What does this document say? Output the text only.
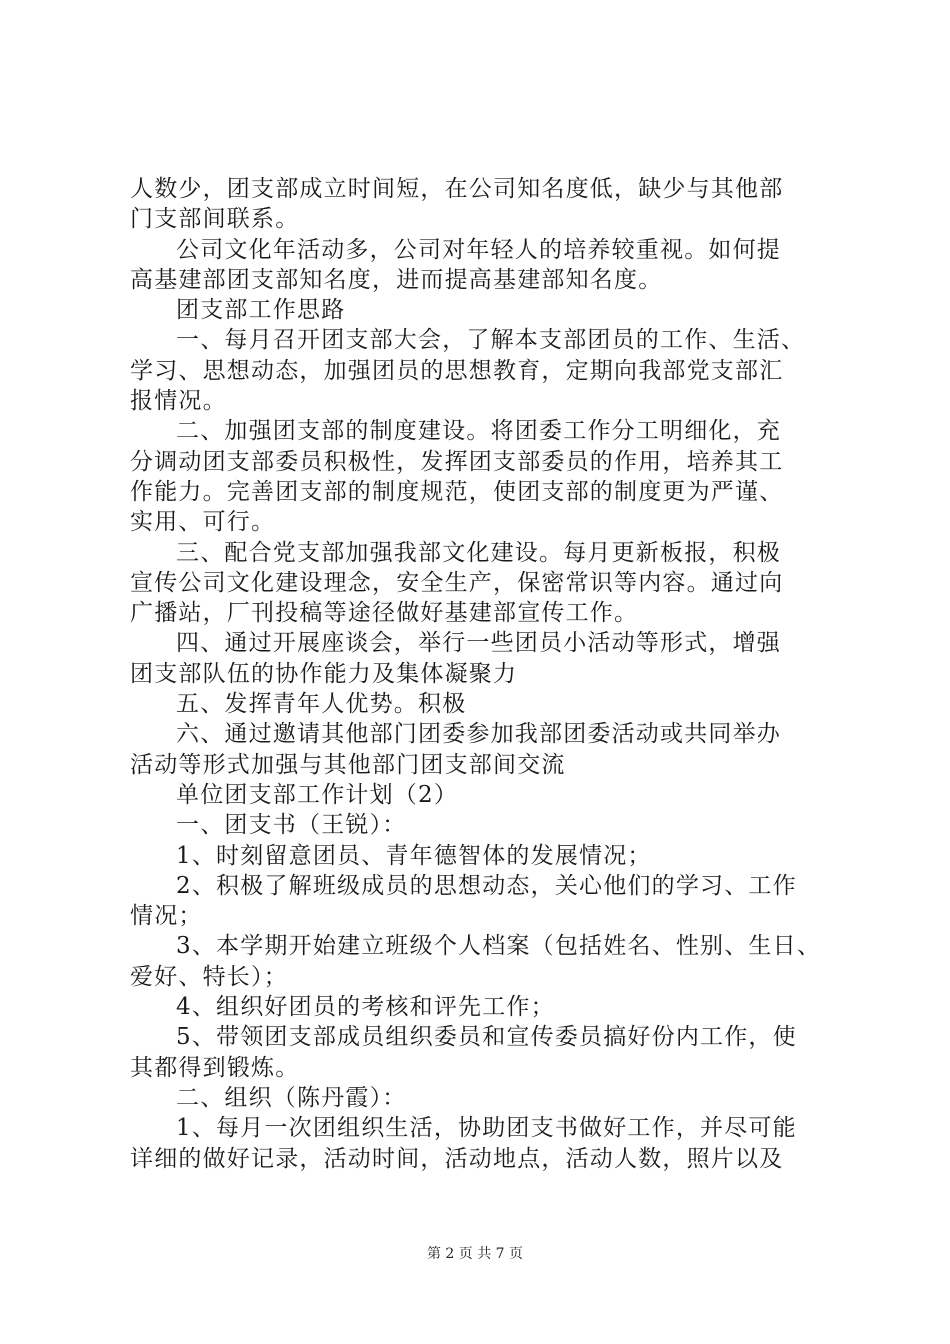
人数少，团支部成立时间短，在公司知名度低，缺少与其他部
门支部间联系。
公司文化年活动多，公司对年轻人的培养较重视。如何提
高基建部团支部知名度，进而提高基建部知名度。
团支部工作思路
一、每月召开团支部大会，了解本支部团员的工作、生活、
学习、思想动态，加强团员的思想教育，定期向我部党支部汇
报情况。
二、加强团支部的制度建设。将团委工作分工明细化，充
分调动团支部委员积极性，发挥团支部委员的作用，培养其工
作能力。完善团支部的制度规范，使团支部的制度更为严谨、
实用、可行。
三、配合党支部加强我部文化建设。每月更新板报，积极
宣传公司文化建设理念，安全生产，保密常识等内容。通过向
广播站，厂刊投稿等途径做好基建部宣传工作。
四、通过开展座谈会，举行一些团员小活动等形式，增强
团支部队伍的协作能力及集体凝聚力
五、发挥青年人优势。积极
六、通过邀请其他部门团委参加我部团委活动或共同举办
活动等形式加强与其他部门团支部间交流
单位团支部工作计划（2）
一、团支书（王锐）：
1、时刻留意团员、青年德智体的发展情况；
2、积极了解班级成员的思想动态，关心他们的学习、工作
情况；
3、本学期开始建立班级个人档案（包括姓名、性别、生日、
爱好、特长）；
4、组织好团员的考核和评先工作；
5、带领团支部成员组织委员和宣传委员搞好份内工作，使
其都得到锻炼。
二、组织（陈丹霞）：
1、每月一次团组织生活，协助团支书做好工作，并尽可能
详细的做好记录，活动时间，活动地点，活动人数，照片以及
第 2 页 共 7 页
